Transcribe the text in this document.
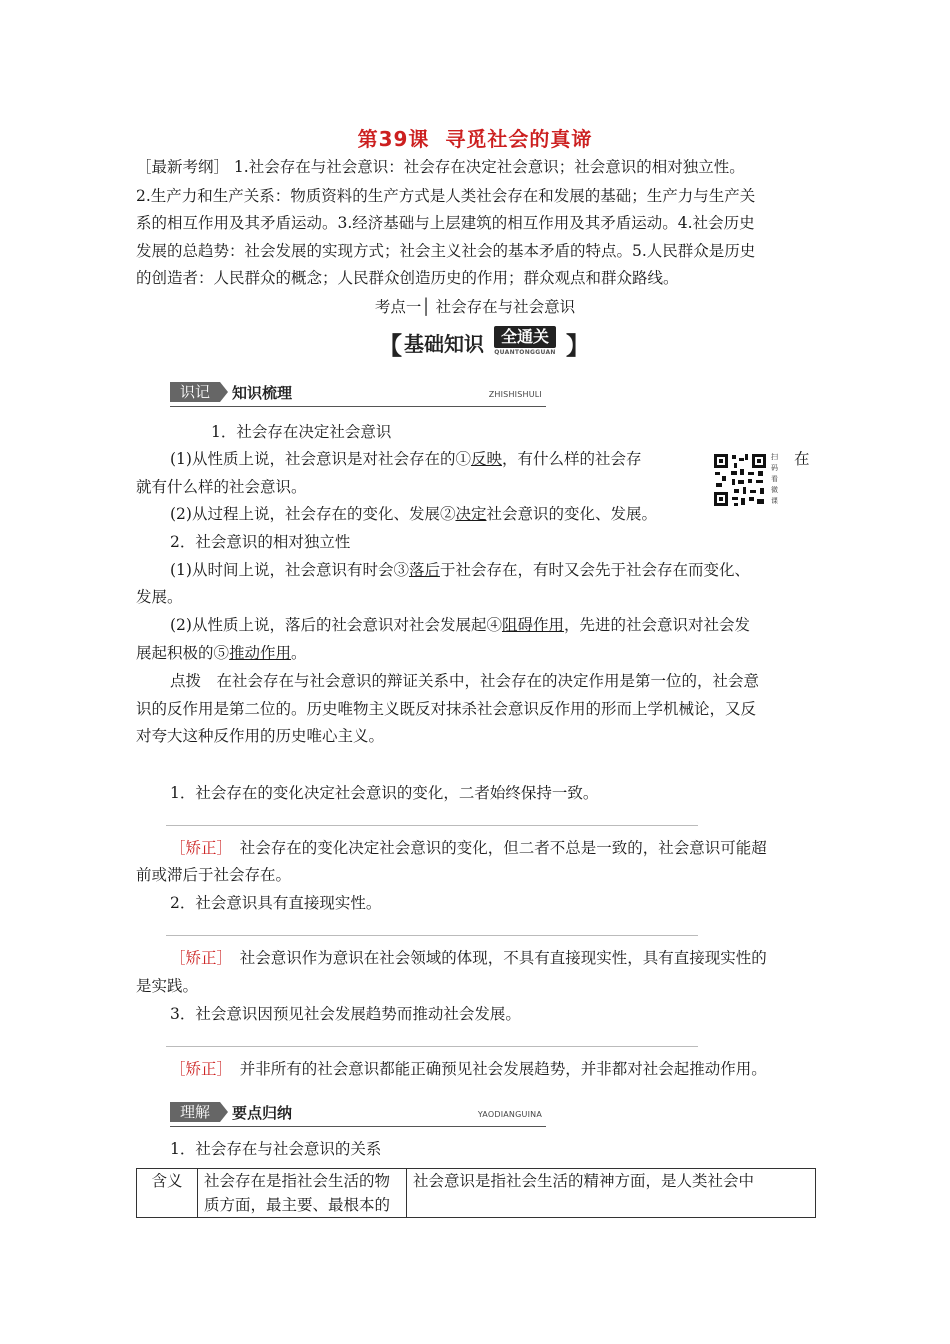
第39课 寻觅社会的真谛
［最新考纲］ 1.社会存在与社会意识：社会存在决定社会意识；社会意识的相对独立性。
2.生产力和生产关系：物质资料的生产方式是人类社会存在和发展的基础；生产力与生产关
系的相互作用及其矛盾运动。3.经济基础与上层建筑的相互作用及其矛盾运动。4.社会历史
发展的总趋势：社会发展的实现方式；社会主义社会的基本矛盾的特点。5.人民群众是历史
的创造者：人民群众的概念；人民群众创造历史的作用；群众观点和群众路线。
考点一│ 社会存在与社会意识
【 基础知识	全通关
QUANTONGGUAN 】
识记	知识梳理	ZHISHISHULI
1．社会存在决定社会意识
(1)从性质上说，社会意识是对社会存在的①反映，有什么样的社会存	扫码看微课
在
就有什么样的社会意识。
(2)从过程上说，社会存在的变化、发展②决定社会意识的变化、发展。
2．社会意识的相对独立性
(1)从时间上说，社会意识有时会③落后于社会存在，有时又会先于社会存在而变化、
发展。
(2)从性质上说，落后的社会意识对社会发展起④阻碍作用，先进的社会意识对社会发
展起积极的⑤推动作用。
点拨　在社会存在与社会意识的辩证关系中，社会存在的决定作用是第一位的，社会意
识的反作用是第二位的。历史唯物主义既反对抹杀社会意识反作用的形而上学机械论，又反
对夸大这种反作用的历史唯心主义。
1．社会存在的变化决定社会意识的变化，二者始终保持一致。
［矫正］　社会存在的变化决定社会意识的变化，但二者不总是一致的，社会意识可能超
前或滞后于社会存在。
2．社会意识具有直接现实性。
［矫正］　社会意识作为意识在社会领域的体现，不具有直接现实性，具有直接现实性的
是实践。
3．社会意识因预见社会发展趋势而推动社会发展。
［矫正］　并非所有的社会意识都能正确预见社会发展趋势，并非都对社会起推动作用。
理解	要点归纳	YAODIANGUINA
1．社会存在与社会意识的关系
含义	社会存在是指社会生活的物
质方面，最主要、最根本的
	社会意识是指社会生活的精神方面，是人类社会中
